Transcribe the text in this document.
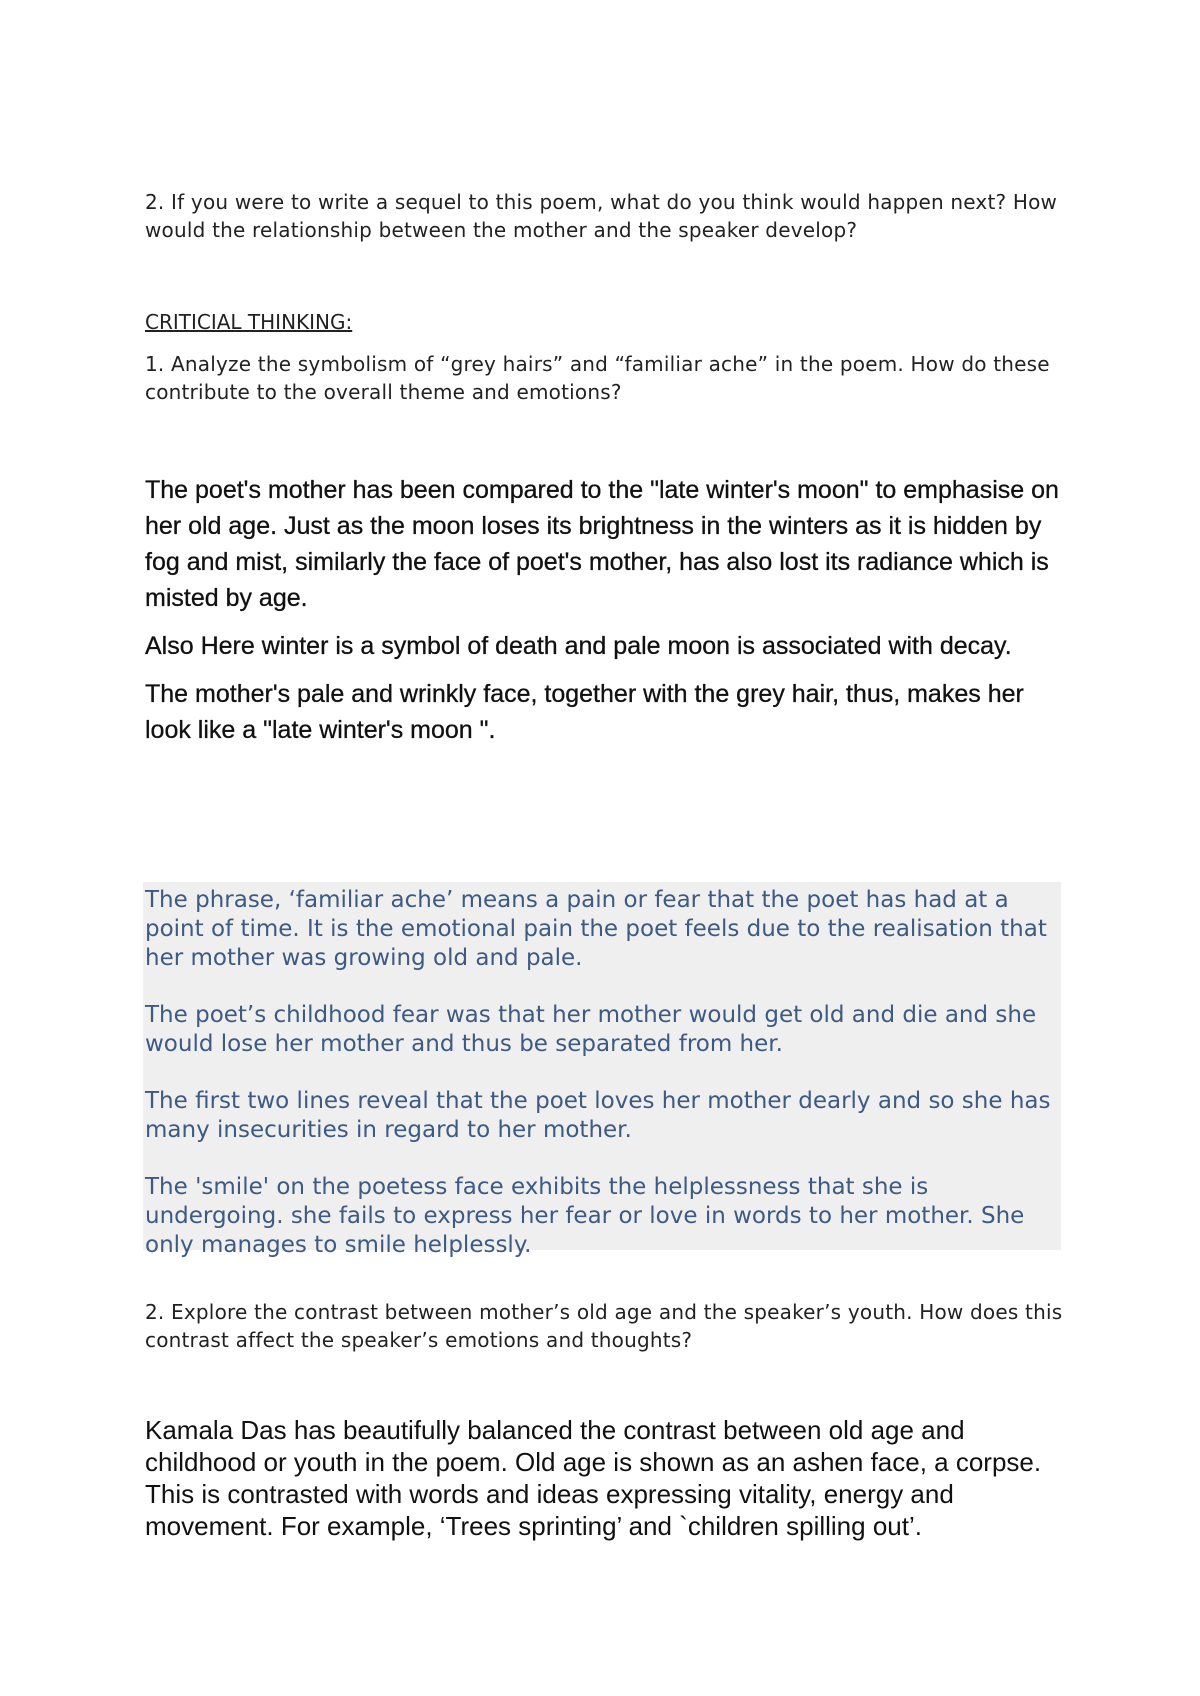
2. If you were to write a sequel to this poem, what do you think would happen next? How would the relationship between the mother and the speaker develop?

CRITICIAL THINKING:

1. Analyze the symbolism of “grey hairs” and “familiar ache” in the poem. How do these contribute to the overall theme and emotions?

The poet's mother has been compared to the "late winter's moon" to emphasise on her old age. Just as the moon loses its brightness in the winters as it is hidden by fog and mist, similarly the face of poet's mother, has also lost its radiance which is misted by age.

Also Here winter is a symbol of death and pale moon is associated with decay.

The mother's pale and wrinkly face, together with the grey hair, thus, makes her look like a "late winter's moon ".

The phrase, ‘familiar ache’ means a pain or fear that the poet has had at a point of time. It is the emotional pain the poet feels due to the realisation that her mother was growing old and pale.

The poet’s childhood fear was that her mother would get old and die and she would lose her mother and thus be separated from her.

The first two lines reveal that the poet loves her mother dearly and so she has many insecurities in regard to her mother.

The 'smile' on the poetess face exhibits the helplessness that she is undergoing. she fails to express her fear or love in words to her mother. She only manages to smile helplessly.

2. Explore the contrast between mother’s old age and the speaker’s youth. How does this contrast affect the speaker’s emotions and thoughts?

Kamala Das has beautifully balanced the contrast between old age and childhood or youth in the poem. Old age is shown as an ashen face, a corpse. This is contrasted with words and ideas expressing vitality, energy and movement. For example, ‘Trees sprinting’ and `children spilling out’.
